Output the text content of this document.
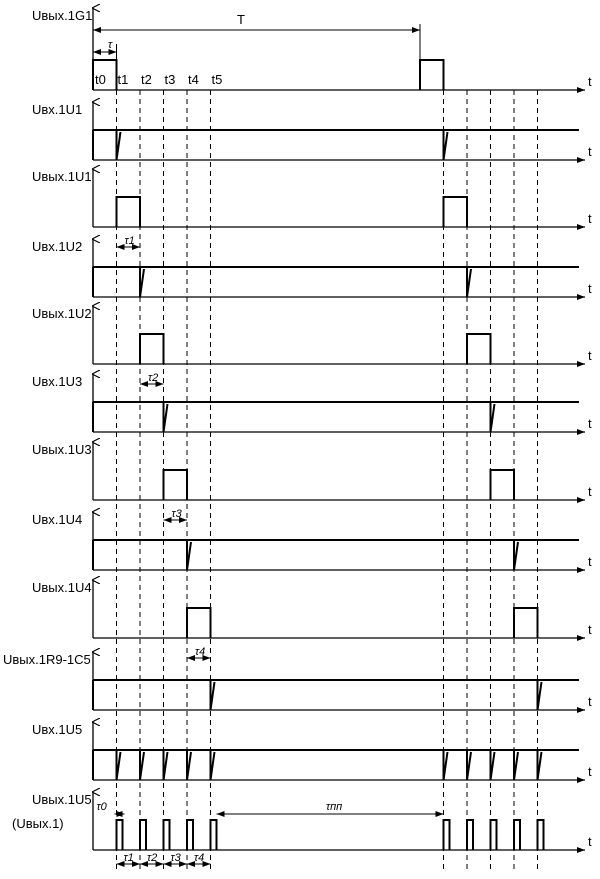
t
Uвых.1G1
t
Uвх.1U1
t
Uвых.1U1
τ1
t
Uвх.1U2
t
Uвых.1U2
τ2
t
Uвх.1U3
t
Uвых.1U3
τ3
t
Uвх.1U4
t
Uвых.1U4
τ4
t
Uвых.1R9-1C5
t
Uвх.1U5
t
Uвых.1U5
(Uвых.1)
T
τ
t0 t1 t2 t3 t4 t5
τ0	τпп
τ1 τ2 τ3 τ4
